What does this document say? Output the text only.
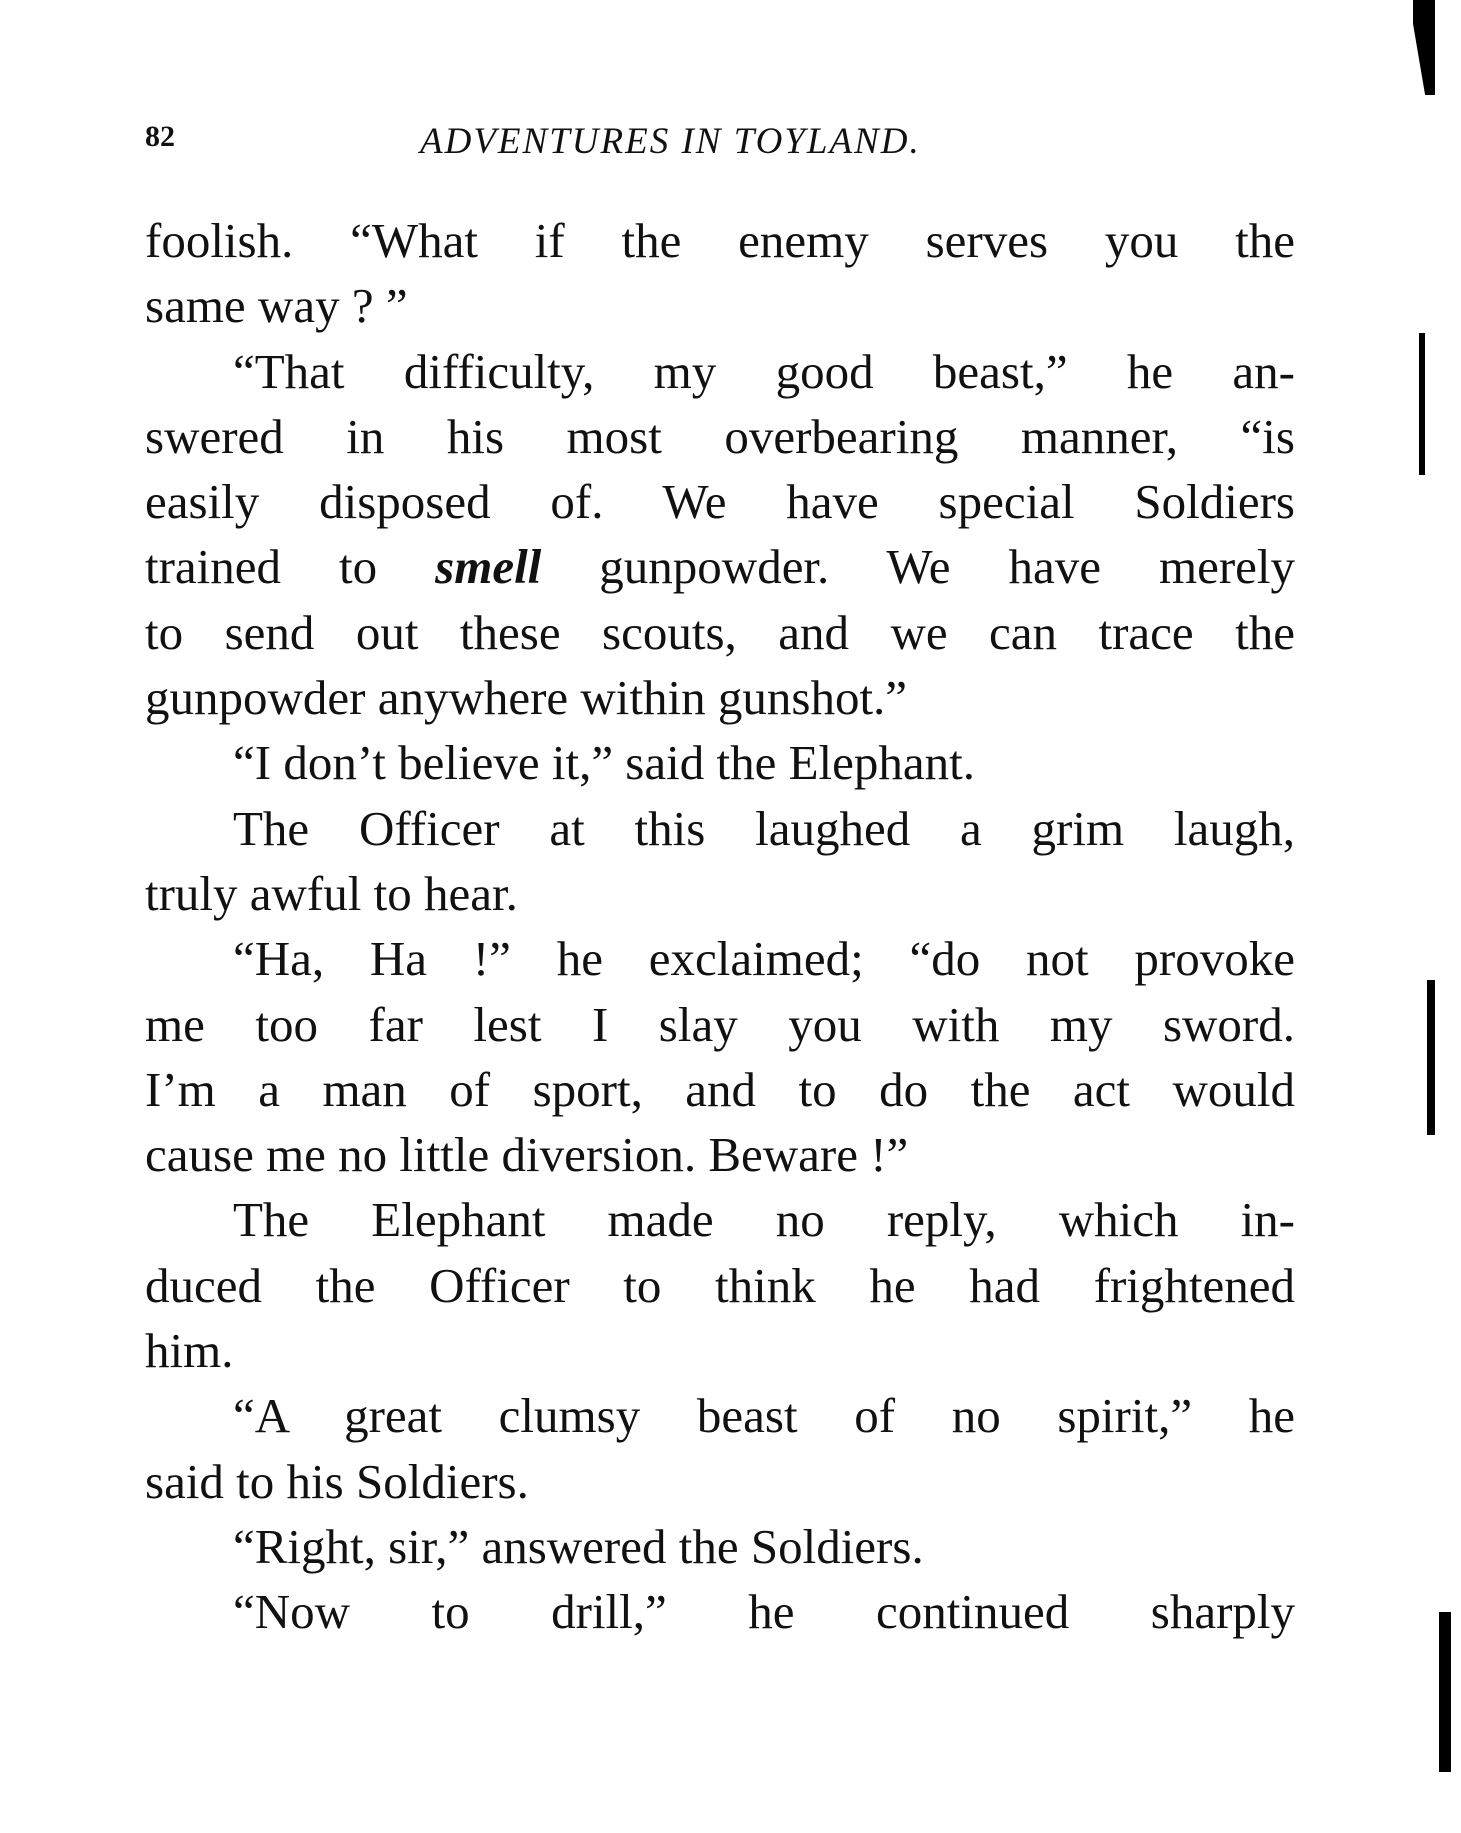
82	ADVENTURES IN TOYLAND.
foolish. “What if the enemy serves you the
same way ? ”
“That difficulty, my good beast,” he an-
swered in his most overbearing manner, “is
easily disposed of. We have special Soldiers
trained to smell gunpowder. We have merely
to send out these scouts, and we can trace the
gunpowder anywhere within gunshot.”
“I don’t believe it,” said the Elephant.
The Officer at this laughed a grim laugh,
truly awful to hear.
“Ha, Ha !” he exclaimed; “do not provoke
me too far lest I slay you with my sword.
I’m a man of sport, and to do the act would
cause me no little diversion. Beware !”
The Elephant made no reply, which in-
duced the Officer to think he had frightened
him.
“A great clumsy beast of no spirit,” he
said to his Soldiers.
“Right, sir,” answered the Soldiers.
“Now to drill,” he continued sharply
